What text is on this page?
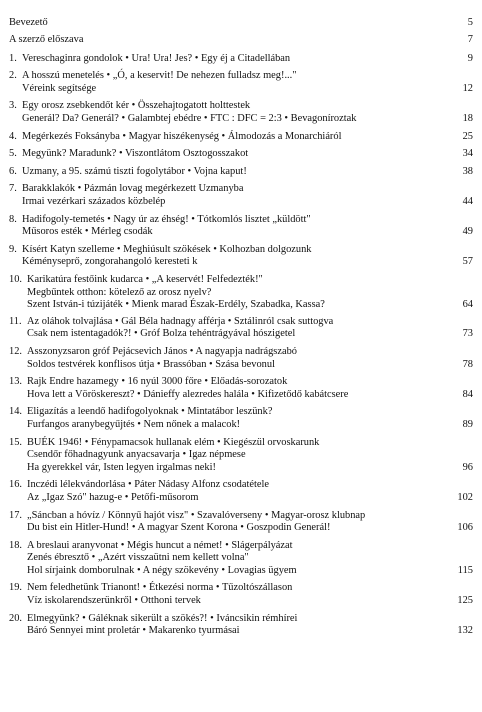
Bevezető	5
A szerző előszava	7
1. Vereschaginra gondolok • Ura! Ura! Jes? • Egy éj a Citadellában	9
2. A hosszú menetelés • „Ó, a keservit! De nehezen fulladsz meg!..."
Véreink segítsége	12
3. Egy orosz zsebkendőt kér • Összehajtogatott holttestek
Generál? Da? Generál? • Galambtej ebédre • FTC : DFC = 2:3 • Bevagoníroztak	18
4. Megérkezés Foksányba • Magyar hiszékenység • Álmodozás a Monarchiáról	25
5. Megyünk? Maradunk? • Viszontlátom Osztogosszakot	34
6. Uzmany, a 95. számú tiszti fogolytábor • Vojna kaput!	38
7. Barakklakók • Pázmán lovag megérkezett Uzmanyba
Irmai vezérkari százados közbelép	44
8. Hadifogoly-temetés • Nagy úr az éhség! • Tótkomlós lisztet „küldött"
Műsoros esték • Mérleg csodák	49
9. Kísért Katyn szelleme • Meghiúsult szökések • Kolhozban dolgozunk
Kéményseprő, zongorahangoló keresteti k	57
10. Karikatúra festőink kudarca • „A keservét! Felfedezték!"
Megbűntek otthon: kötelező az orosz nyelv?
Szent István-i túzijáték • Mienk marad Észak-Erdély, Szabadka, Kassa?	64
11. Az oláhok tolvajlása • Gál Béla hadnagy afférja • Sztálinról csak suttogva
Csak nem istentagadók?! • Gróf Bolza tehéntrágyával hószigetel	73
12. Asszonyzsaron gróf Pejácsevich János • A nagyapja nadrágszabó
Soldos testvérek konflisos útja • Brassóban • Szása bevonul	78
13. Rajk Endre hazamegy • 16 nyúl 3000 főre • Előadás-sorozatok
Hova lett a Vöröskereszt? • Dánieffy alezredes halála • Kifizetődő kabátcsere	84
14. Eligazítás a leendő hadifogolyoknak • Mintatábor leszünk?
Furfangos aranybegyűjtés • Nem nőnek a malacok!	89
15. BUÉK 1946! • Fénypamacsok hullanak elém • Kiegészül orvoskarunk
Csendőr főhadnagyunk anyacsavarja • Igaz népmese
Ha gyerekkel vár, Isten legyen irgalmas neki!	96
16. Inczédi lélekvándorlása • Páter Nádasy Alfonz csodatétele
Az „Igaz Szó" hazug-e • Petőfi-műsorom	102
17. „Sáncban a hóvíz / Könnyű hajót visz" • Szavalóverseny • Magyar-orosz klubnap
Du bist ein Hitler-Hund! • A magyar Szent Korona • Goszpodin Generál!	106
18. A breslaui aranyvonat • Mégis huncut a német! • Slágerpályázat
Zenés ébresztő • „Azért visszaütni nem kellett volna"
Hol sírjaink domborulnak • A négy szökevény • Lovagias ügyem	115
19. Nem feledhetünk Trianont! • Étkezési norma • Tűzoltószállason
Víz iskolarendszerünkről • Otthoni tervek	125
20. Elmegyünk? • Gáléknak sikerült a szökés?! • Iváncsikin rémhírei
Báró Sennyei mint proletár • Makarenko tyurmásai	132
